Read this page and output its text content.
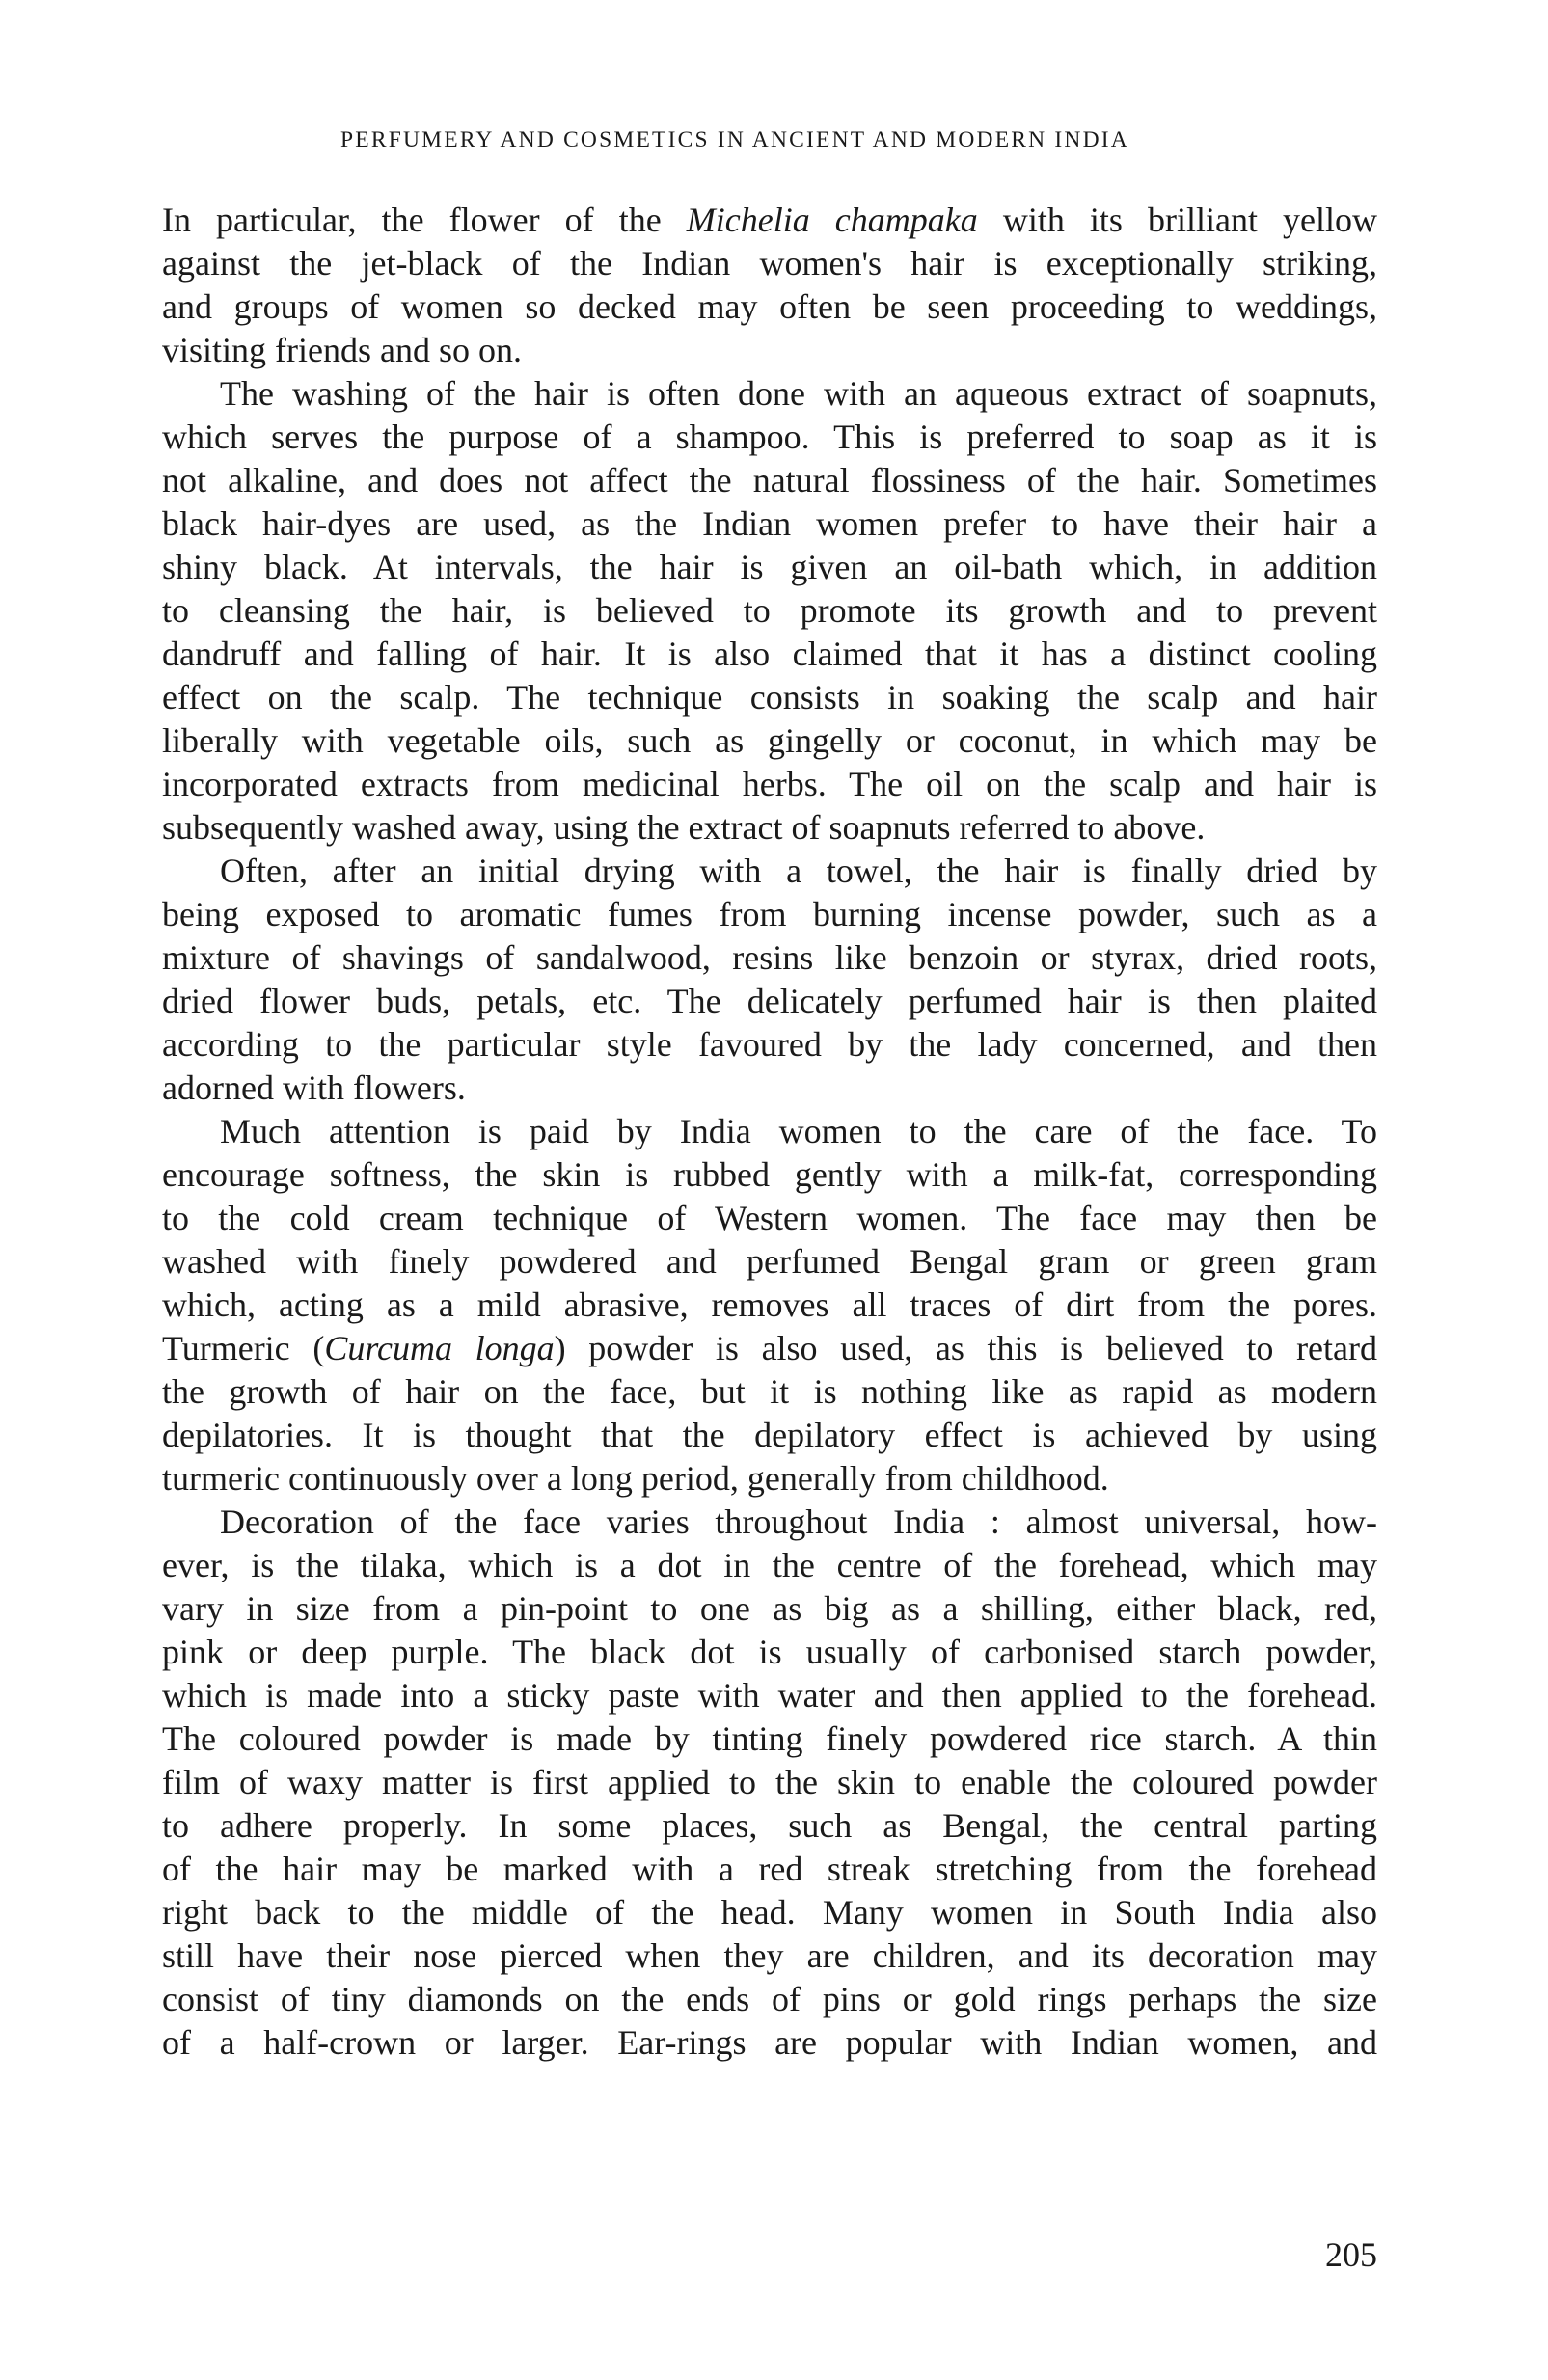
PERFUMERY AND COSMETICS IN ANCIENT AND MODERN INDIA
In particular, the flower of the Michelia champaka with its brilliant yellow
against the jet-black of the Indian women's hair is exceptionally striking,
and groups of women so decked may often be seen proceeding to weddings,
visiting friends and so on.
The washing of the hair is often done with an aqueous extract of soapnuts,
which serves the purpose of a shampoo. This is preferred to soap as it is
not alkaline, and does not affect the natural flossiness of the hair. Sometimes
black hair-dyes are used, as the Indian women prefer to have their hair a
shiny black. At intervals, the hair is given an oil-bath which, in addition
to cleansing the hair, is believed to promote its growth and to prevent
dandruff and falling of hair. It is also claimed that it has a distinct cooling
effect on the scalp. The technique consists in soaking the scalp and hair
liberally with vegetable oils, such as gingelly or coconut, in which may be
incorporated extracts from medicinal herbs. The oil on the scalp and hair is
subsequently washed away, using the extract of soapnuts referred to above.
Often, after an initial drying with a towel, the hair is finally dried by
being exposed to aromatic fumes from burning incense powder, such as a
mixture of shavings of sandalwood, resins like benzoin or styrax, dried roots,
dried flower buds, petals, etc. The delicately perfumed hair is then plaited
according to the particular style favoured by the lady concerned, and then
adorned with flowers.
Much attention is paid by India women to the care of the face. To
encourage softness, the skin is rubbed gently with a milk-fat, corresponding
to the cold cream technique of Western women. The face may then be
washed with finely powdered and perfumed Bengal gram or green gram
which, acting as a mild abrasive, removes all traces of dirt from the pores.
Turmeric (Curcuma longa) powder is also used, as this is believed to retard
the growth of hair on the face, but it is nothing like as rapid as modern
depilatories. It is thought that the depilatory effect is achieved by using
turmeric continuously over a long period, generally from childhood.
Decoration of the face varies throughout India : almost universal, how-
ever, is the tilaka, which is a dot in the centre of the forehead, which may
vary in size from a pin-point to one as big as a shilling, either black, red,
pink or deep purple. The black dot is usually of carbonised starch powder,
which is made into a sticky paste with water and then applied to the forehead.
The coloured powder is made by tinting finely powdered rice starch. A thin
film of waxy matter is first applied to the skin to enable the coloured powder
to adhere properly. In some places, such as Bengal, the central parting
of the hair may be marked with a red streak stretching from the forehead
right back to the middle of the head. Many women in South India also
still have their nose pierced when they are children, and its decoration may
consist of tiny diamonds on the ends of pins or gold rings perhaps the size
of a half-crown or larger. Ear-rings are popular with Indian women, and
205
